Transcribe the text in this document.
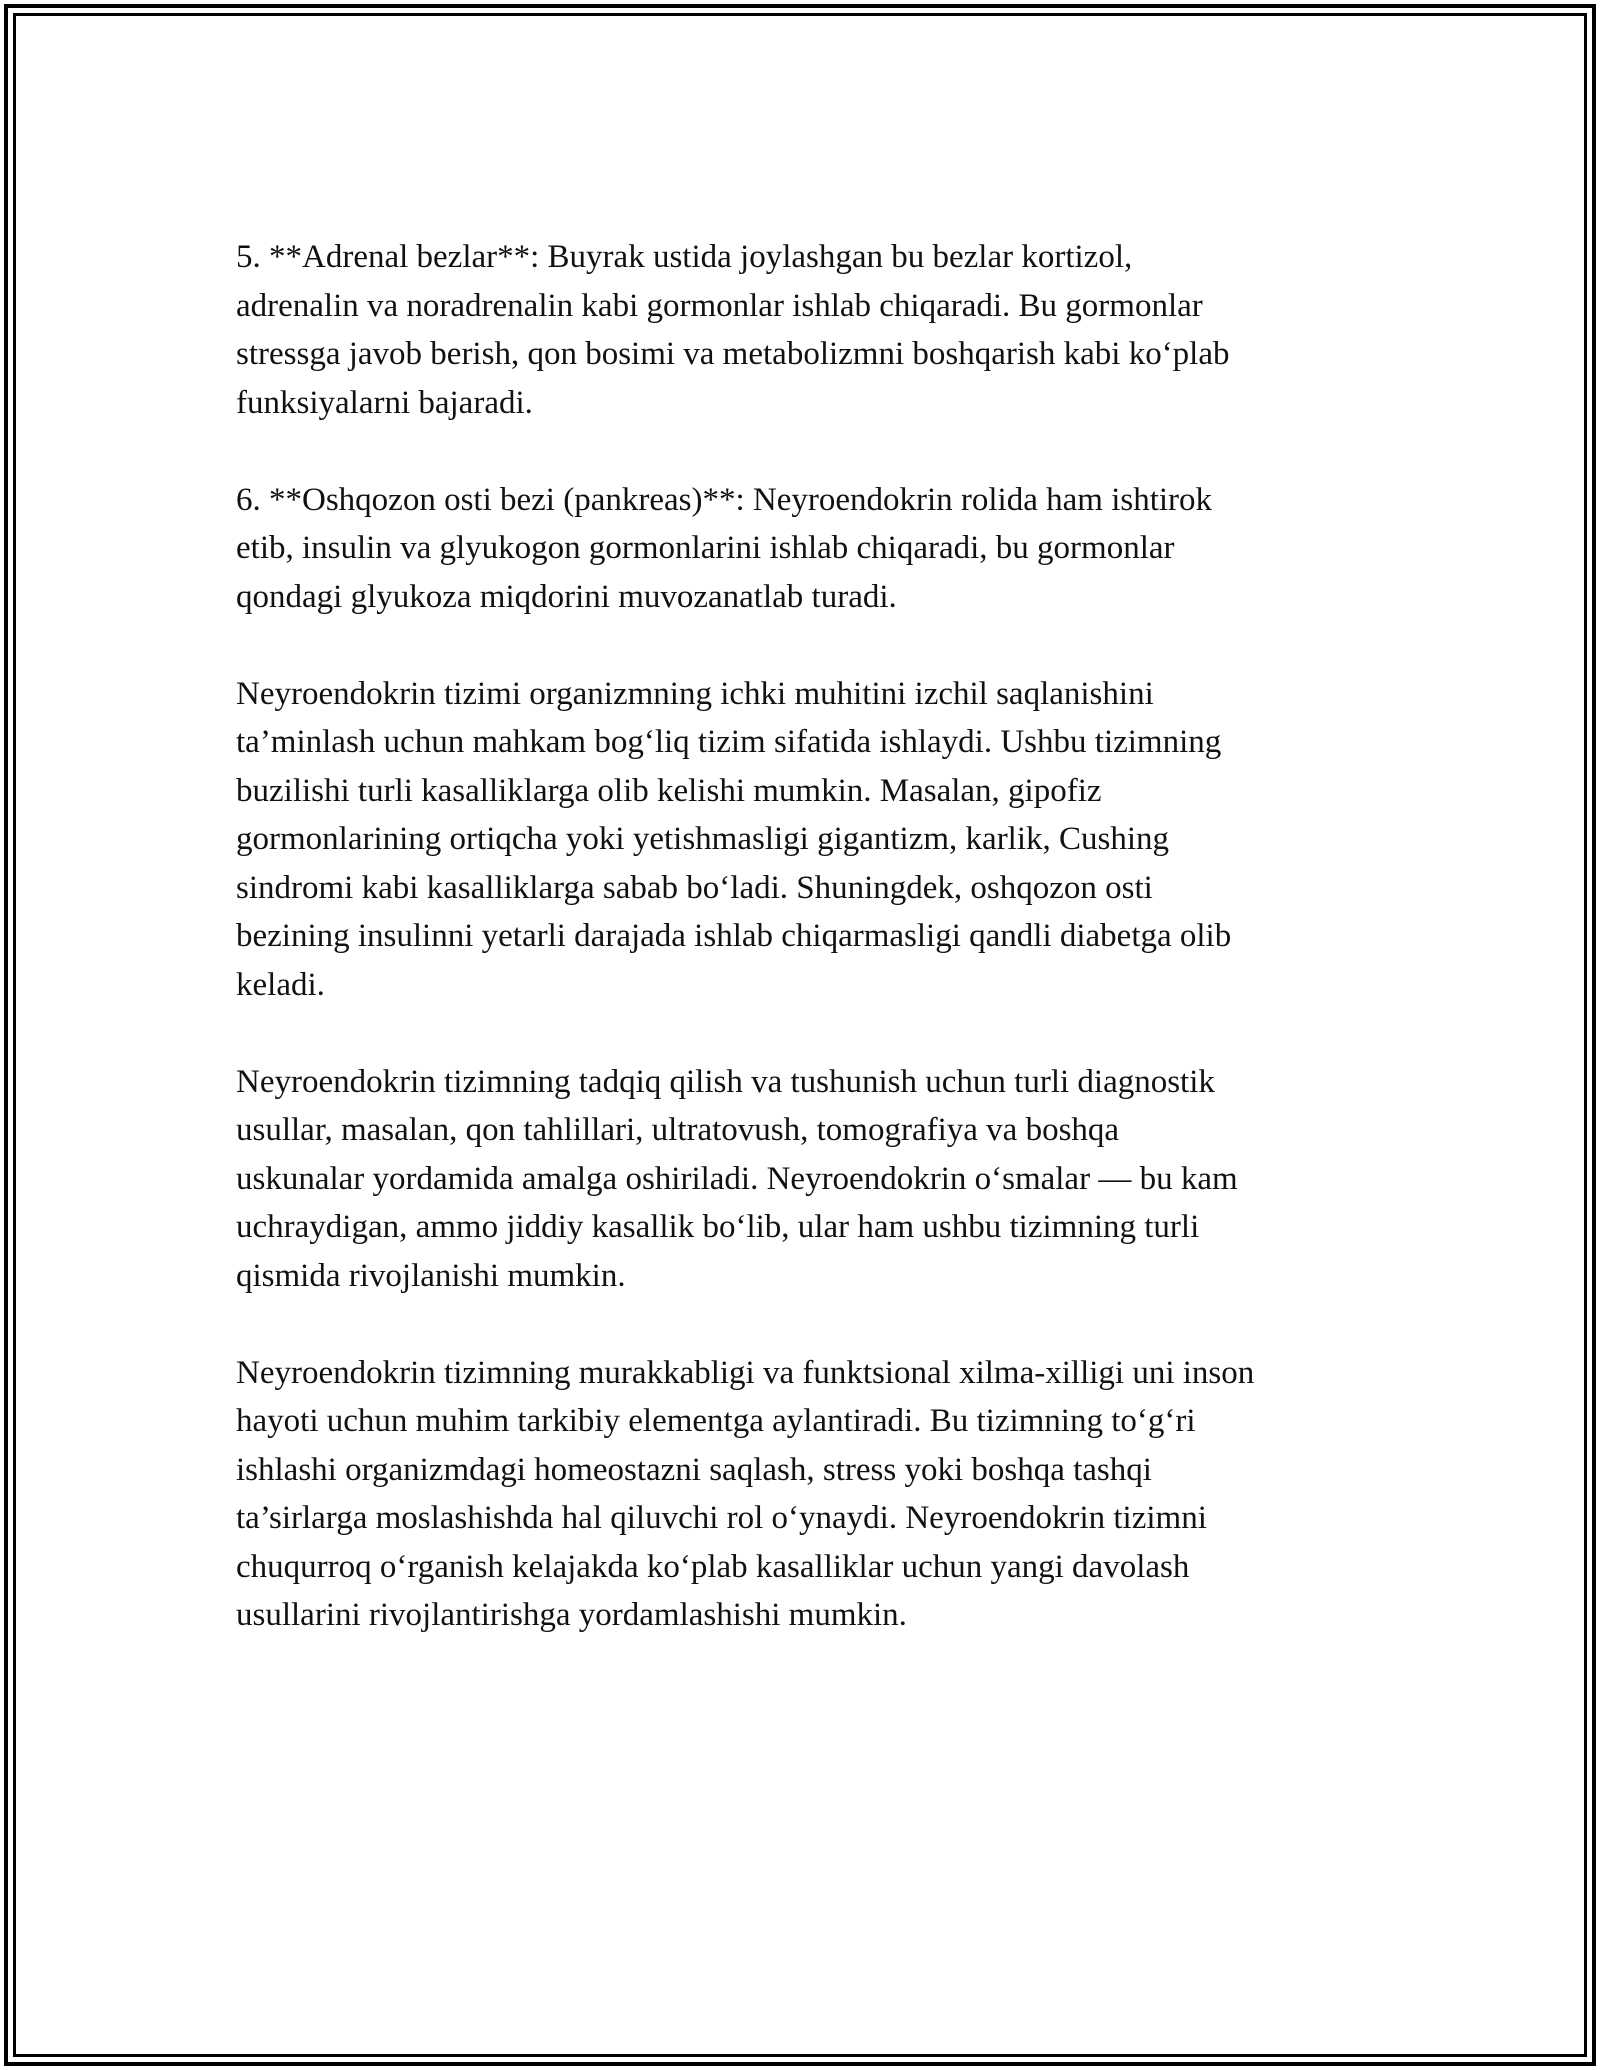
5. **Adrenal bezlar**: Buyrak ustida joylashgan bu bezlar kortizol,
adrenalin va noradrenalin kabi gormonlar ishlab chiqaradi. Bu gormonlar
stressga javob berish, qon bosimi va metabolizmni boshqarish kabi ko‘plab
funksiyalarni bajaradi.

6. **Oshqozon osti bezi (pankreas)**: Neyroendokrin rolida ham ishtirok
etib, insulin va glyukogon gormonlarini ishlab chiqaradi, bu gormonlar
qondagi glyukoza miqdorini muvozanatlab turadi.

Neyroendokrin tizimi organizmning ichki muhitini izchil saqlanishini
ta’minlash uchun mahkam bog‘liq tizim sifatida ishlaydi. Ushbu tizimning
buzilishi turli kasalliklarga olib kelishi mumkin. Masalan, gipofiz
gormonlarining ortiqcha yoki yetishmasligi gigantizm, karlik, Cushing
sindromi kabi kasalliklarga sabab bo‘ladi. Shuningdek, oshqozon osti
bezining insulinni yetarli darajada ishlab chiqarmasligi qandli diabetga olib
keladi.

Neyroendokrin tizimning tadqiq qilish va tushunish uchun turli diagnostik
usullar, masalan, qon tahlillari, ultratovush, tomografiya va boshqa
uskunalar yordamida amalga oshiriladi. Neyroendokrin o‘smalar — bu kam
uchraydigan, ammo jiddiy kasallik bo‘lib, ular ham ushbu tizimning turli
qismida rivojlanishi mumkin.

Neyroendokrin tizimning murakkabligi va funktsional xilma-xilligi uni inson
hayoti uchun muhim tarkibiy elementga aylantiradi. Bu tizimning to‘g‘ri
ishlashi organizmdagi homeostazni saqlash, stress yoki boshqa tashqi
ta’sirlarga moslashishda hal qiluvchi rol o‘ynaydi. Neyroendokrin tizimni
chuqurroq o‘rganish kelajakda ko‘plab kasalliklar uchun yangi davolash
usullarini rivojlantirishga yordamlashishi mumkin.
